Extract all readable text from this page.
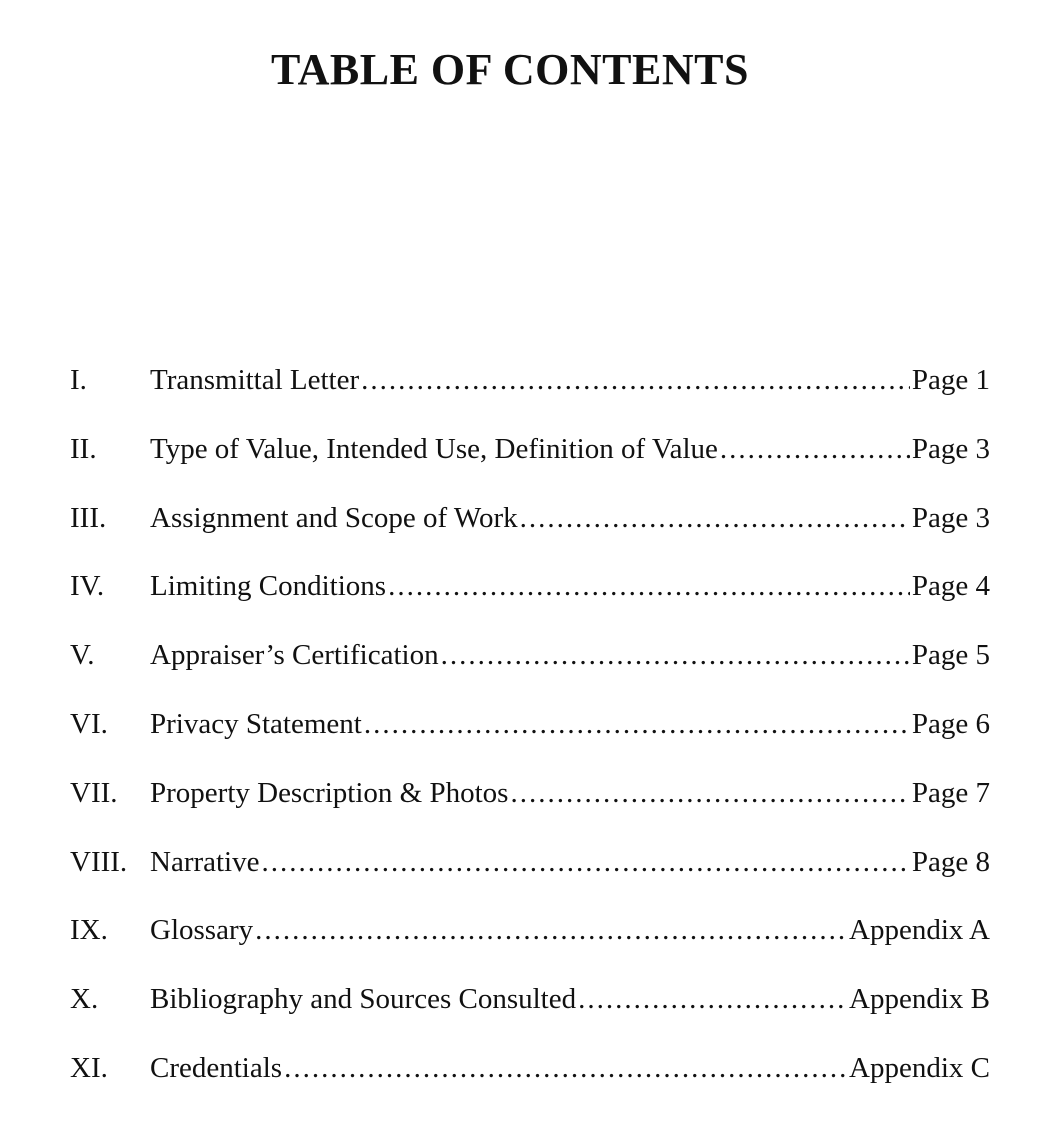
TABLE OF CONTENTS
I.	Transmittal Letter .....	Page 1
II.	Type of Value, Intended Use, Definition of Value .....	Page 3
III.	Assignment and Scope of Work .....	Page 3
IV.	Limiting Conditions .....	Page 4
V.	Appraiser’s Certification .....	Page 5
VI.	Privacy Statement .....	Page 6
VII.	Property Description & Photos .....	Page 7
VIII. Narrative .....	Page 8
IX.	Glossary .....	Appendix A
X.	Bibliography and Sources Consulted .....	Appendix B
XI.	Credentials .....	Appendix C
